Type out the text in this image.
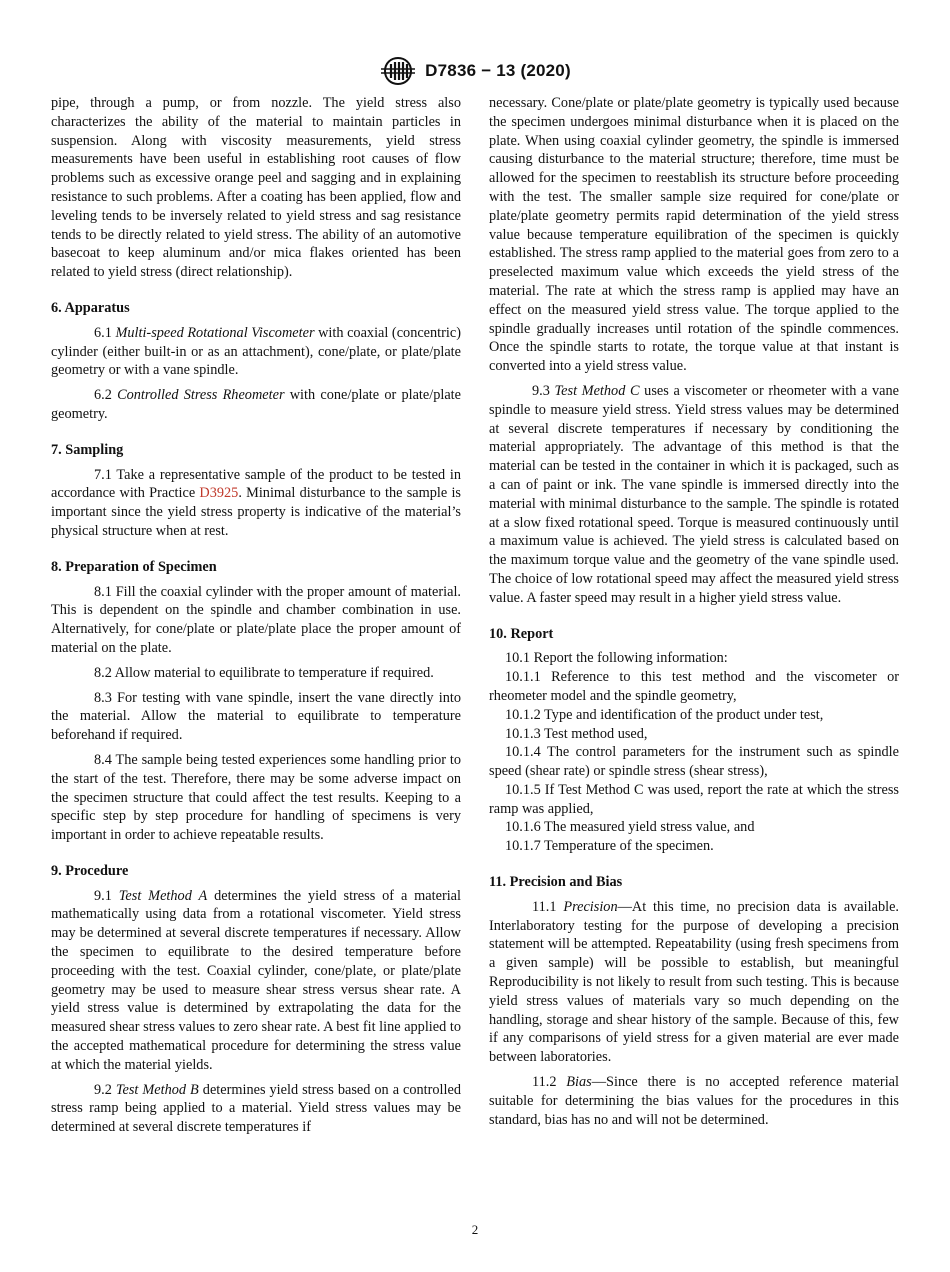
D7836 − 13 (2020)

pipe, through a pump, or from nozzle. The yield stress also characterizes the ability of the material to maintain particles in suspension. Along with viscosity measurements, yield stress measurements have been useful in establishing root causes of flow problems such as excessive orange peel and sagging and in explaining resistance to such problems. After a coating has been applied, flow and leveling tends to be inversely related to yield stress and sag resistance tends to be directly related to yield stress. The ability of an automotive basecoat to keep aluminum and/or mica flakes oriented has been related to yield stress (direct relationship).

6. Apparatus

6.1 Multi-speed Rotational Viscometer with coaxial (concentric) cylinder (either built-in or as an attachment), cone/plate, or plate/plate geometry or with a vane spindle.

6.2 Controlled Stress Rheometer with cone/plate or plate/plate geometry.

7. Sampling

7.1 Take a representative sample of the product to be tested in accordance with Practice D3925. Minimal disturbance to the sample is important since the yield stress property is indicative of the material’s physical structure when at rest.

8. Preparation of Specimen

8.1 Fill the coaxial cylinder with the proper amount of material. This is dependent on the spindle and chamber combination in use. Alternatively, for cone/plate or plate/plate place the proper amount of material on the plate.

8.2 Allow material to equilibrate to temperature if required.

8.3 For testing with vane spindle, insert the vane directly into the material. Allow the material to equilibrate to temperature beforehand if required.

8.4 The sample being tested experiences some handling prior to the start of the test. Therefore, there may be some adverse impact on the specimen structure that could affect the test results. Keeping to a specific step by step procedure for handling of specimens is very important in order to achieve repeatable results.

9. Procedure

9.1 Test Method A determines the yield stress of a material mathematically using data from a rotational viscometer. Yield stress may be determined at several discrete temperatures if necessary. Allow the specimen to equilibrate to the desired temperature before proceeding with the test. Coaxial cylinder, cone/plate, or plate/plate geometry may be used to measure shear stress versus shear rate. A yield stress value is determined by extrapolating the data for the measured shear stress values to zero shear rate. A best fit line applied to the accepted mathematical procedure for determining the stress value at which the material yields.

9.2 Test Method B determines yield stress based on a controlled stress ramp being applied to a material. Yield stress values may be determined at several discrete temperatures if

necessary. Cone/plate or plate/plate geometry is typically used because the specimen undergoes minimal disturbance when it is placed on the plate. When using coaxial cylinder geometry, the spindle is immersed causing disturbance to the material structure; therefore, time must be allowed for the specimen to reestablish its structure before proceeding with the test. The smaller sample size required for cone/plate or plate/plate geometry permits rapid determination of the yield stress value because temperature equilibration of the specimen is quickly established. The stress ramp applied to the material goes from zero to a preselected maximum value which exceeds the yield stress of the material. The rate at which the stress ramp is applied may have an effect on the measured yield stress value. The torque applied to the spindle gradually increases until rotation of the spindle commences. Once the spindle starts to rotate, the torque value at that instant is converted into a yield stress value.

9.3 Test Method C uses a viscometer or rheometer with a vane spindle to measure yield stress. Yield stress values may be determined at several discrete temperatures if necessary by conditioning the material appropriately. The advantage of this method is that the material can be tested in the container in which it is packaged, such as a can of paint or ink. The vane spindle is immersed directly into the material with minimal disturbance to the sample. The spindle is rotated at a slow fixed rotational speed. Torque is measured continuously until a maximum value is achieved. The yield stress is calculated based on the maximum torque value and the geometry of the vane spindle used. The choice of low rotational speed may affect the measured yield stress value. A faster speed may result in a higher yield stress value.

10. Report

10.1 Report the following information:

10.1.1 Reference to this test method and the viscometer or rheometer model and the spindle geometry,

10.1.2 Type and identification of the product under test,

10.1.3 Test method used,

10.1.4 The control parameters for the instrument such as spindle speed (shear rate) or spindle stress (shear stress),

10.1.5 If Test Method C was used, report the rate at which the stress ramp was applied,

10.1.6 The measured yield stress value, and

10.1.7 Temperature of the specimen.

11. Precision and Bias

11.1 Precision—At this time, no precision data is available. Interlaboratory testing for the purpose of developing a precision statement will be attempted. Repeatability (using fresh specimens from a given sample) will be possible to establish, but meaningful Reproducibility is not likely to result from such testing. This is because yield stress values of materials vary so much depending on the handling, storage and shear history of the sample. Because of this, few if any comparisons of yield stress for a given material are ever made between laboratories.

11.2 Bias—Since there is no accepted reference material suitable for determining the bias values for the procedures in this standard, bias has no and will not be determined.

2
